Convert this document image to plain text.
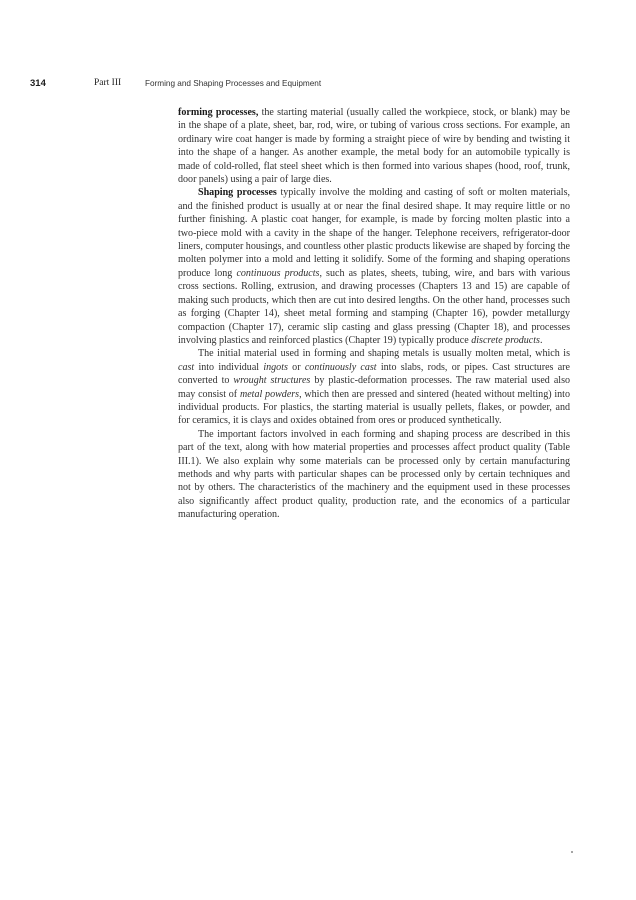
314	Part III	Forming and Shaping Processes and Equipment

forming processes, the starting material (usually called the workpiece, stock, or blank) may be in the shape of a plate, sheet, bar, rod, wire, or tubing of various cross sections. For example, an ordinary wire coat hanger is made by forming a straight piece of wire by bending and twisting it into the shape of a hanger. As another example, the metal body for an automobile typically is made of cold-rolled, flat steel sheet which is then formed into various shapes (hood, roof, trunk, door panels) using a pair of large dies.

Shaping processes typically involve the molding and casting of soft or molten materials, and the finished product is usually at or near the final desired shape. It may require little or no further finishing. A plastic coat hanger, for example, is made by forcing molten plastic into a two-piece mold with a cavity in the shape of the hanger. Telephone receivers, refrigerator-door liners, computer housings, and countless other plastic products likewise are shaped by forcing the molten polymer into a mold and letting it solidify. Some of the forming and shaping operations produce long continuous products, such as plates, sheets, tubing, wire, and bars with various cross sections. Rolling, extrusion, and drawing processes (Chapters 13 and 15) are capable of making such products, which then are cut into desired lengths. On the other hand, processes such as forging (Chapter 14), sheet metal forming and stamping (Chapter 16), powder metallurgy compaction (Chapter 17), ceramic slip casting and glass pressing (Chapter 18), and processes involving plastics and reinforced plastics (Chapter 19) typically produce discrete products.

The initial material used in forming and shaping metals is usually molten metal, which is cast into individual ingots or continuously cast into slabs, rods, or pipes. Cast structures are converted to wrought structures by plastic-deformation processes. The raw material used also may consist of metal powders, which then are pressed and sintered (heated without melting) into individual products. For plastics, the starting material is usually pellets, flakes, or powder, and for ceramics, it is clays and oxides obtained from ores or produced synthetically.

The important factors involved in each forming and shaping process are described in this part of the text, along with how material properties and processes affect product quality (Table III.1). We also explain why some materials can be processed only by certain manufacturing methods and why parts with particular shapes can be processed only by certain techniques and not by others. The characteristics of the machinery and the equipment used in these processes also significantly affect product quality, production rate, and the economics of a particular manufacturing operation.
